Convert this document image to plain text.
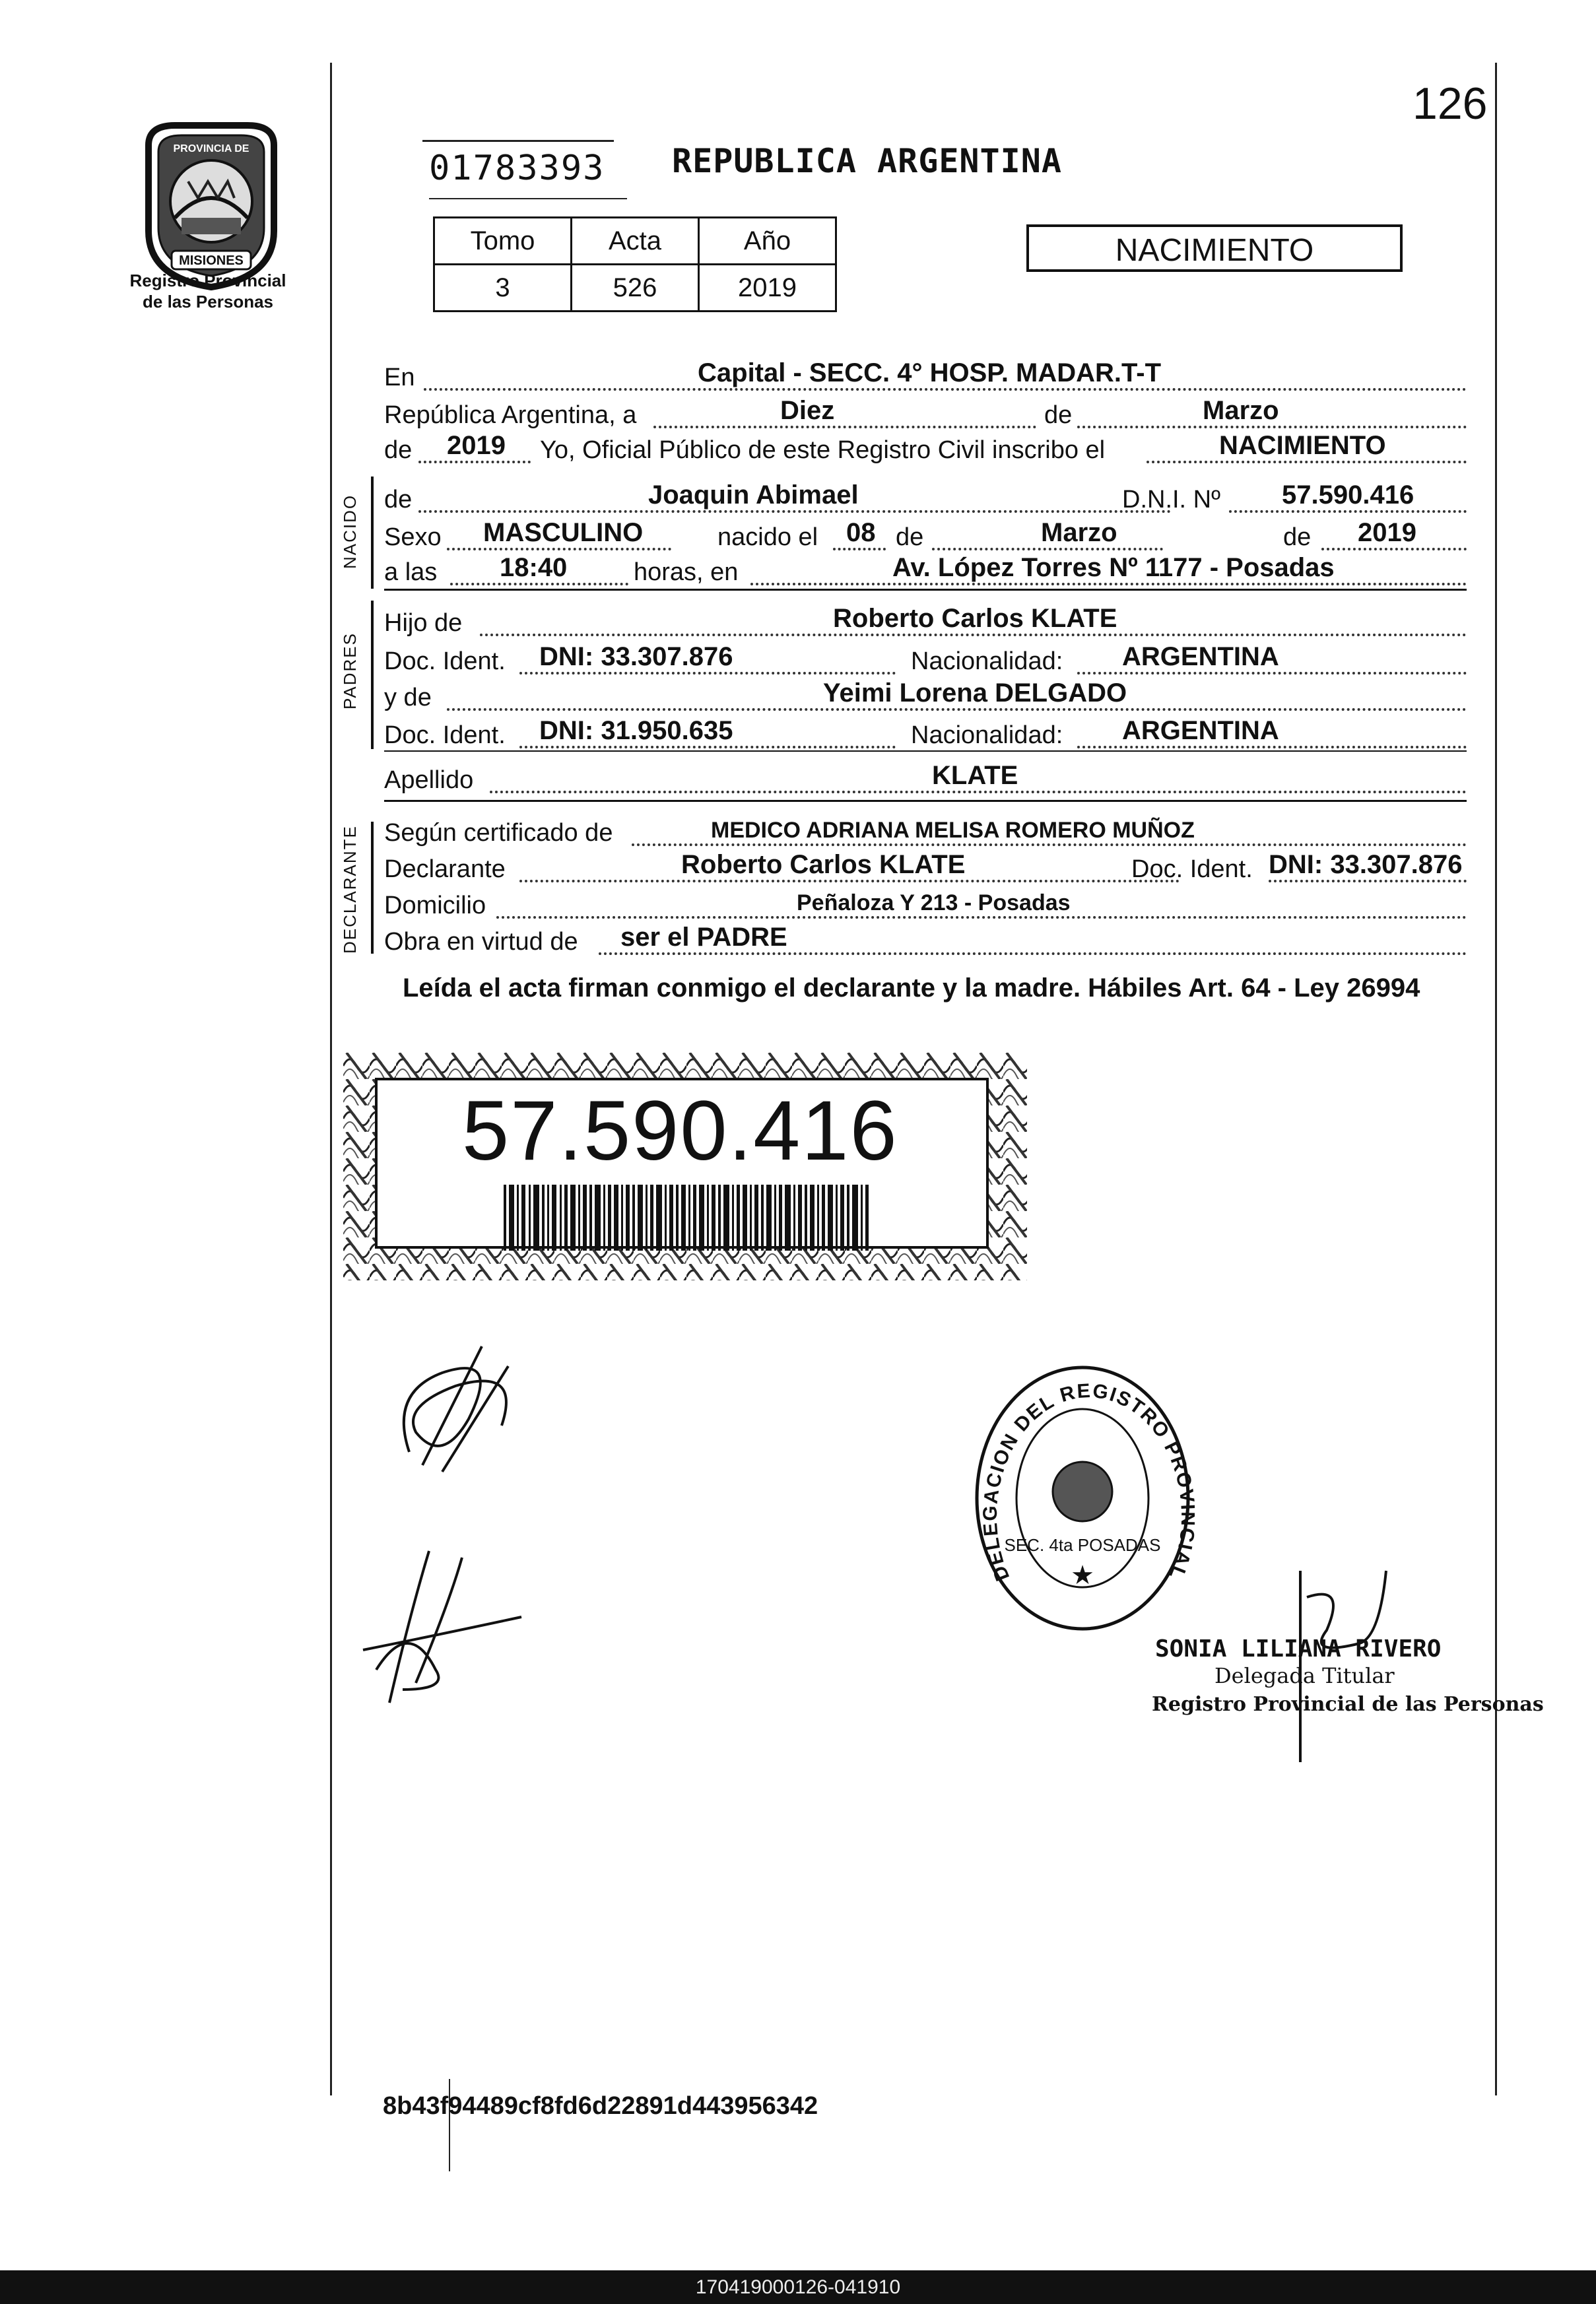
126
MISIONES
PROVINCIA DE
Registro Provincial
de las Personas
01783393 REPUBLICA ARGENTINA
Tomo	Acta	Año
3	526	2019
NACIMIENTO
En	Capital - SECC. 4° HOSP. MADAR.T-T
República Argentina, a	Diez	de	Marzo
de 2019 Yo, Oficial Público de este Registro Civil inscribo el	NACIMIENTO
NACIDO de	Joaquin Abimael	D.N.I. Nº 57.590.416
Sexo MASCULINO	nacido el 08 de	Marzo	de 2019
a las 18:40	horas, en	Av. López Torres Nº 1177 - Posadas
PADRES
Hijo de	Roberto Carlos KLATE
Doc. Ident. DNI: 33.307.876	Nacionalidad: ARGENTINA
y de	Yeimi Lorena DELGADO
Doc. Ident. DNI: 31.950.635	Nacionalidad: ARGENTINA
Apellido	KLATE
DECLARANTE Según certificado de	MEDICO ADRIANA MELISA ROMERO MUÑOZ
Declarante	Roberto Carlos KLATE	Doc. Ident. DNI: 33.307.876
Domicilio	Peñaloza Y 213 - Posadas
Obra en virtud de ser el PADRE
Leída el acta firman conmigo el declarante y la madre. Hábiles Art. 64 - Ley 26994
57.590.416
DELEGACION DEL REGISTRO PRO IAL
SEC. 4ta POSADAS
★
SONIA LILIANA RIVERO
Delegada Titular
Registro Provincial de las Personas
8b43f94489cf8fd6d22891d443956342
170419000126-041910
